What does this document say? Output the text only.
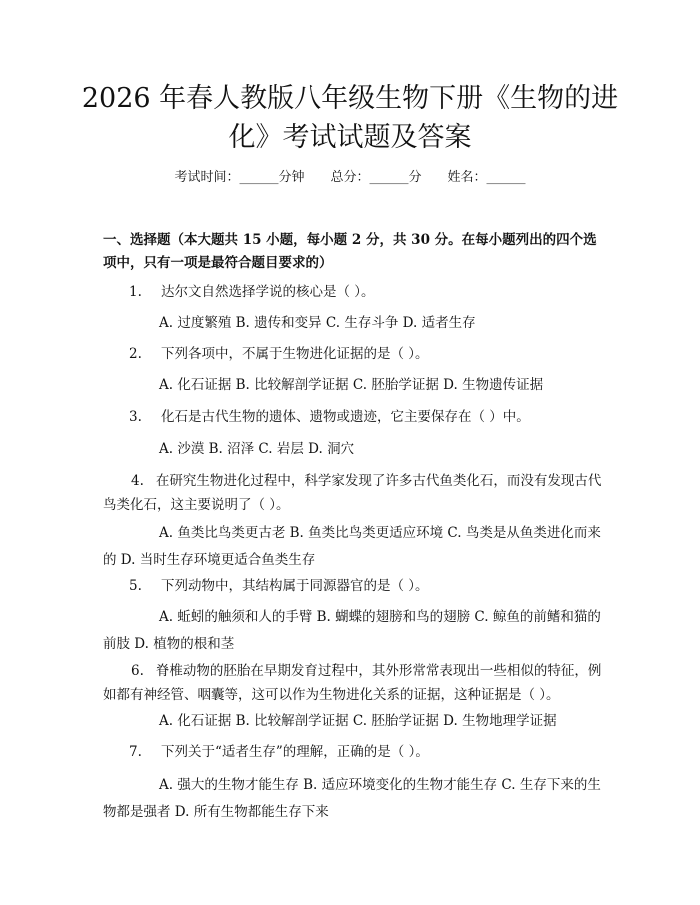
2026 年春人教版八年级生物下册《生物的进
化》考试试题及答案
考试时间：______分钟 总分：______分 姓名：______
一、选择题（本大题共 15 小题，每小题 2 分，共 30 分。在每小题列出的四个选项中，只有一项是最符合题目要求的）
1. 达尔文自然选择学说的核心是（ ）。
A. 过度繁殖 B. 遗传和变异 C. 生存斗争 D. 适者生存
2. 下列各项中，不属于生物进化证据的是（ ）。
A. 化石证据 B. 比较解剖学证据 C. 胚胎学证据 D. 生物遗传证据
3. 化石是古代生物的遗体、遗物或遗迹，它主要保存在（ ）中。
A. 沙漠 B. 沼泽 C. 岩层 D. 洞穴
4. 在研究生物进化过程中，科学家发现了许多古代鱼类化石，而没有发现古代鸟类化石，这主要说明了（ ）。
A. 鱼类比鸟类更古老 B. 鱼类比鸟类更适应环境 C. 鸟类是从鱼类进化而来的 D. 当时生存环境更适合鱼类生存
5. 下列动物中，其结构属于同源器官的是（ ）。
A. 蚯蚓的触须和人的手臂 B. 蝴蝶的翅膀和鸟的翅膀 C. 鲸鱼的前鳍和猫的前肢 D. 植物的根和茎
6. 脊椎动物的胚胎在早期发育过程中，其外形常常表现出一些相似的特征，例如都有神经管、咽囊等，这可以作为生物进化关系的证据，这种证据是（ ）。
A. 化石证据 B. 比较解剖学证据 C. 胚胎学证据 D. 生物地理学证据
7. 下列关于“适者生存”的理解，正确的是（ ）。
A. 强大的生物才能生存 B. 适应环境变化的生物才能生存 C. 生存下来的生物都是强者 D. 所有生物都能生存下来
